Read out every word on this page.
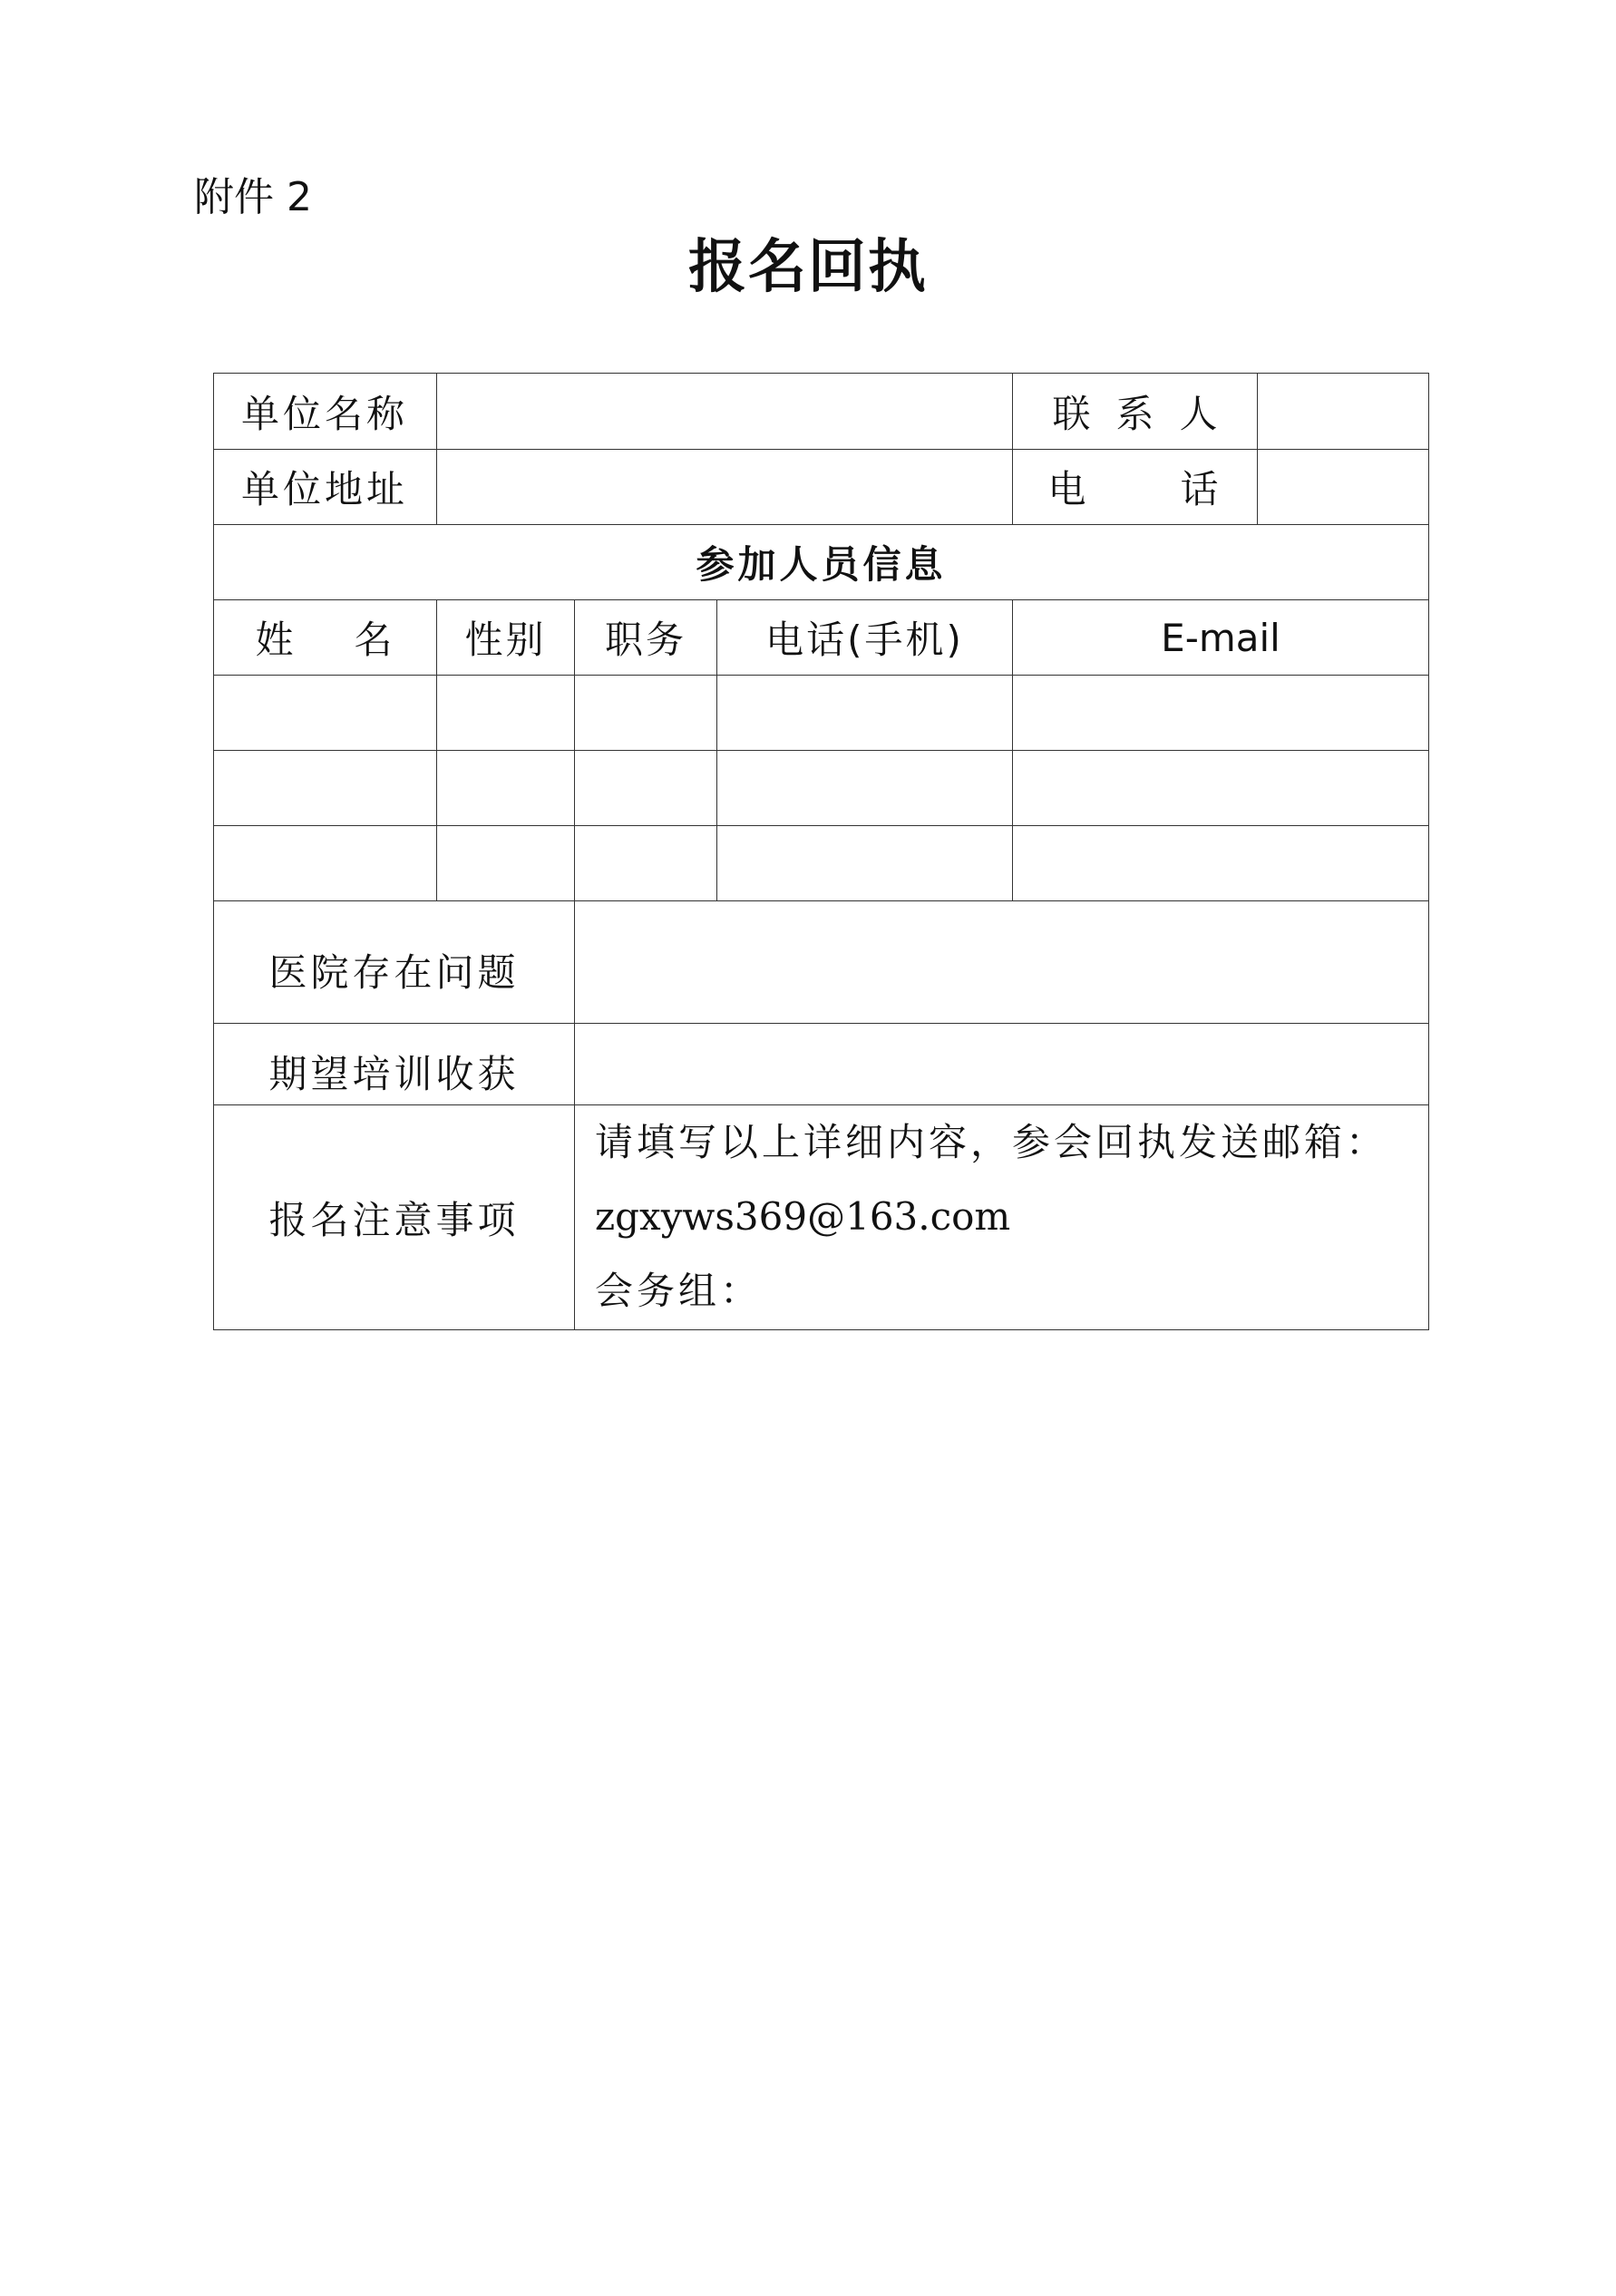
附件 2
报名回执
单位名称				联系人	
单位地址				电 话	
参加人员信息					
姓 名	性别	职务	电话(手机)	E-mail	

医院存在问题					
期望培训收获					
报名注意事项		请填写以上详细内容，参会回执发送邮箱：
zgxyws369@163.com
会务组：			
